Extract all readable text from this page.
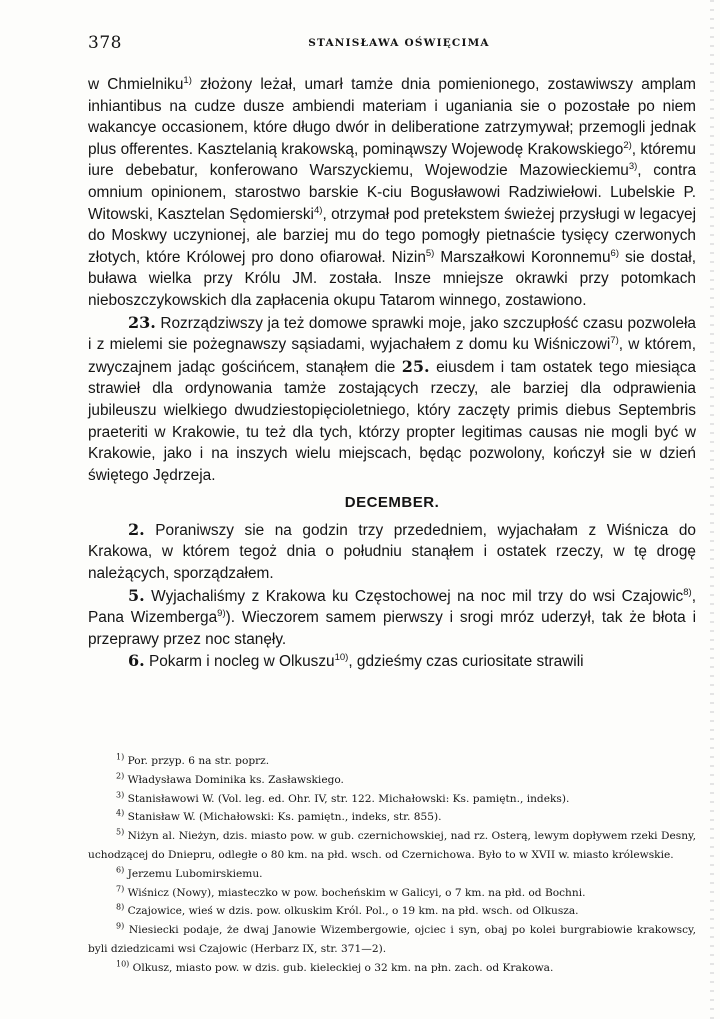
378	STANISŁAWA OŚWIĘCIMA

w Chmielniku$^{1)}$ złożony leżał, umarł tamże dnia pomienionego, zostawiwszy amplam inhiantibus na cudze dusze ambiendi materiam i uganiania sie o pozostałe po niem wakancye occasionem, które długo dwór in deliberatione zatrzymywał; przemogli jednak plus offerentes. Kasztelanią krakowską, pominąwszy Wojewodę Krakowskiego$^{2)}$, któremu iure debebatur, konferowano Warszyckiemu, Wojewodzie Mazowieckiemu$^{3)}$, contra omnium opinionem, starostwo barskie K-ciu Bogusławowi Radziwiełowi. Lubelskie P. Witowski, Kasztelan Sędomierski$^{4)}$, otrzymał pod pretekstem świeżej przysługi w legacyej do Moskwy uczynionej, ale barziej mu do tego pomogły pietnaście tysięcy czerwonych złotych, które Królowej pro dono ofiarował. Nizin$^{5)}$ Marszałkowi Koronnemu$^{6)}$ sie dostał, buława wielka przy Królu JM. została. Insze mniejsze okrawki przy potomkach nieboszczykowskich dla zapłacenia okupu Tatarom winnego, zostawiono.

23. Rozrządziwszy ja też domowe sprawki moje, jako szczupłość czasu pozwoleła i z mielemi sie pożegnawszy sąsiadami, wyjachałem z domu ku Wiśniczowi$^{7)}$, w którem, zwyczajnem jadąc gościńcem, stanąłem die 25. eiusdem i tam ostatek tego miesiąca strawieł dla ordynowania tamże zostających rzeczy, ale barziej dla odprawienia jubileuszu wielkiego dwudziestopięcioletniego, który zaczęty primis diebus Septembris praeteriti w Krakowie, tu też dla tych, którzy propter legitimas causas nie mogli być w Krakowie, jako i na inszych wielu miejscach, będąc pozwolony, kończył sie w dzień świętego Jędrzeja.

DECEMBER.

2. Poraniwszy sie na godzin trzy przededniem, wyjachałam z Wiśnicza do Krakowa, w którem tegoż dnia o południu stanąłem i ostatek rzeczy, w tę drogę należących, sporządzałem.

5. Wyjachaliśmy z Krakowa ku Częstochowej na noc mil trzy do wsi Czajowic$^{8)}$, Pana Wizemberga$^{9)}$). Wieczorem samem pierwszy i srogi mróz uderzył, tak że błota i przeprawy przez noc stanęły.

6. Pokarm i nocleg w Olkuszu$^{10)}$, gdzieśmy czas curiositate strawili

$^{1)}$ Por. przyp. 6 na str. poprz.

$^{2)}$ Władysława Dominika ks. Zasławskiego.

$^{3)}$ Stanisławowi W. (Vol. leg. ed. Ohr. IV, str. 122. Michałowski: Ks. pamiętn., indeks).

$^{4)}$ Stanisław W. (Michałowski: Ks. pamiętn., indeks, str. 855).

$^{5)}$ Niżyn al. Nieżyn, dzis. miasto pow. w gub. czernichowskiej, nad rz. Osterą, lewym dopływem rzeki Desny, uchodzącej do Dniepru, odległe o 80 km. na płd. wsch. od Czernichowa. Było to w XVII w. miasto królewskie.

$^{6)}$ Jerzemu Lubomirskiemu.

$^{7)}$ Wiśnicz (Nowy), miasteczko w pow. bocheńskim w Galicyi, o 7 km. na płd. od Bochni.

$^{8)}$ Czajowice, wieś w dzis. pow. olkuskim Król. Pol., o 19 km. na płd. wsch. od Olkusza.

$^{9)}$ Niesiecki podaje, że dwaj Janowie Wizembergowie, ojciec i syn, obaj po kolei burgrabiowie krakowscy, byli dziedzicami wsi Czajowic (Herbarz IX, str. 371—2).

$^{10)}$ Olkusz, miasto pow. w dzis. gub. kieleckiej o 32 km. na płn. zach. od Krakowa.
